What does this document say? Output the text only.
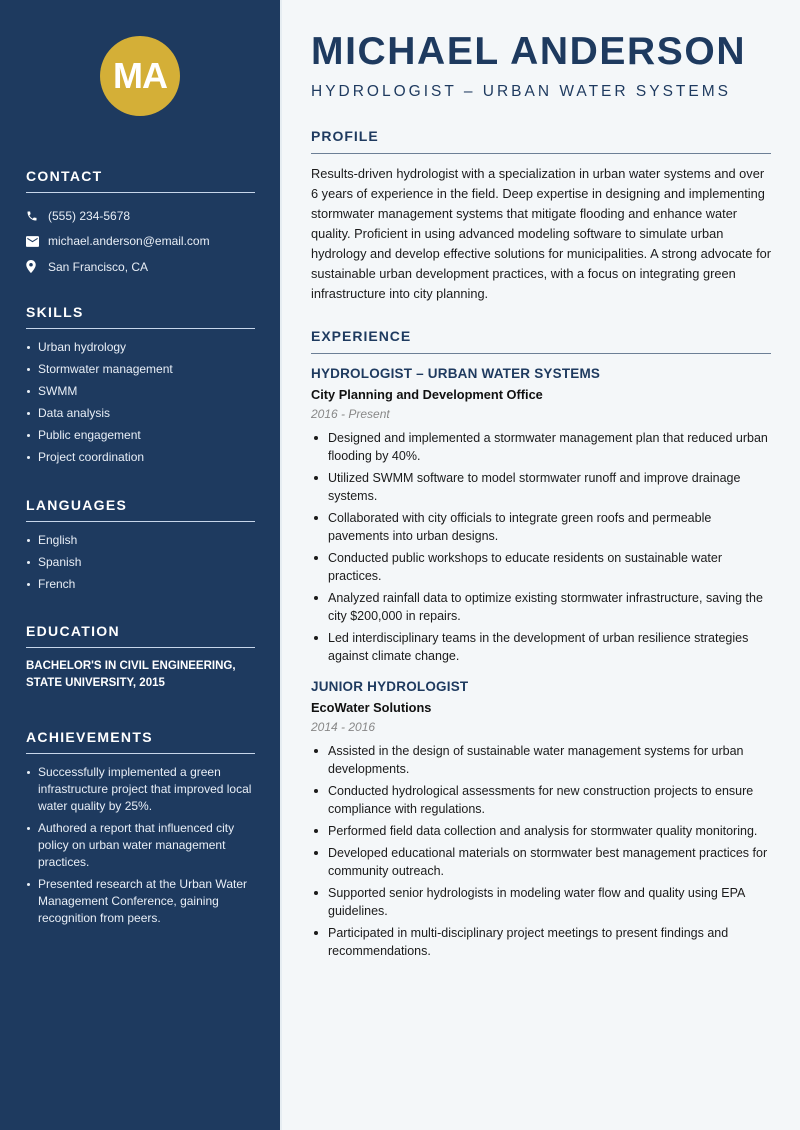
MA
CONTACT
(555) 234-5678
michael.anderson@email.com
San Francisco, CA
SKILLS
Urban hydrology
Stormwater management
SWMM
Data analysis
Public engagement
Project coordination
LANGUAGES
English
Spanish
French
EDUCATION
BACHELOR'S IN CIVIL ENGINEERING,
STATE UNIVERSITY, 2015
ACHIEVEMENTS
Successfully implemented a green infrastructure project that improved local water quality by 25%.
Authored a report that influenced city policy on urban water management practices.
Presented research at the Urban Water Management Conference, gaining recognition from peers.
MICHAEL ANDERSON
HYDROLOGIST – URBAN WATER SYSTEMS
PROFILE

Results-driven hydrologist with a specialization in urban water systems and over 6 years of experience in the field. Deep expertise in designing and implementing stormwater management systems that mitigate flooding and enhance water quality. Proficient in using advanced modeling software to simulate urban hydrology and develop effective solutions for municipalities. A strong advocate for sustainable urban development practices, with a focus on integrating green infrastructure into city planning.

EXPERIENCE
HYDROLOGIST – URBAN WATER SYSTEMS
City Planning and Development Office
2016 - Present
Designed and implemented a stormwater management plan that reduced urban flooding by 40%.
Utilized SWMM software to model stormwater runoff and improve drainage systems.
Collaborated with city officials to integrate green roofs and permeable pavements into urban designs.
Conducted public workshops to educate residents on sustainable water practices.
Analyzed rainfall data to optimize existing stormwater infrastructure, saving the city $200,000 in repairs.
Led interdisciplinary teams in the development of urban resilience strategies against climate change.
JUNIOR HYDROLOGIST
EcoWater Solutions
2014 - 2016
Assisted in the design of sustainable water management systems for urban developments.
Conducted hydrological assessments for new construction projects to ensure compliance with regulations.
Performed field data collection and analysis for stormwater quality monitoring.
Developed educational materials on stormwater best management practices for community outreach.
Supported senior hydrologists in modeling water flow and quality using EPA guidelines.
Participated in multi-disciplinary project meetings to present findings and recommendations.
